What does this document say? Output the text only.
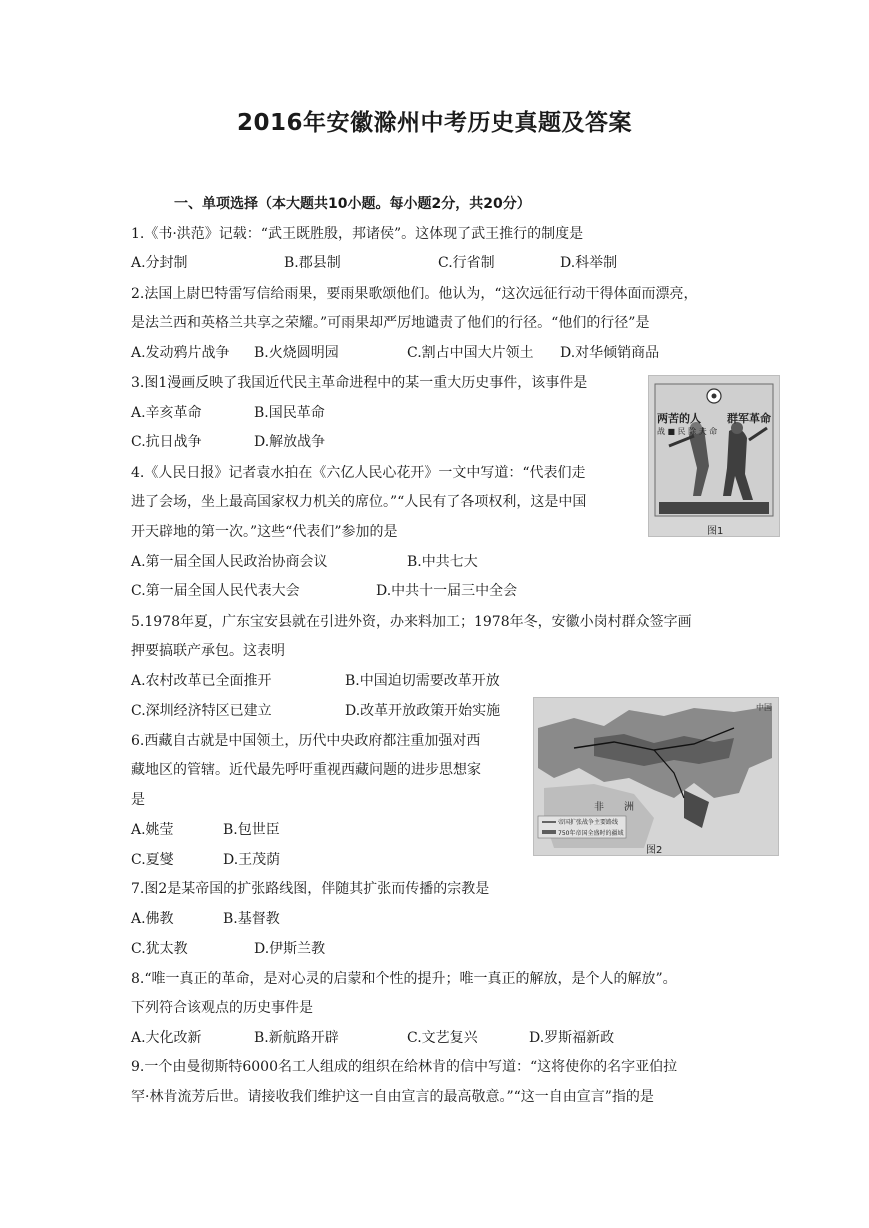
2016年安徽滁州中考历史真题及答案
一、单项选择（本大题共10小题。每小题2分，共20分）
1.《书·洪范》记载：“武王既胜殷，邦诸侯”。这体现了武王推行的制度是
A.分封制	B.郡县制	C.行省制	D.科举制
2.法国上尉巴特雷写信给雨果，要雨果歌颂他们。他认为，“这次远征行动干得体面而漂亮，
是法兰西和英格兰共享之荣耀。”可雨果却严厉地谴责了他们的行径。“他们的行径”是
A.发动鸦片战争 B.火烧圆明园	C.割占中国大片领土 D.对华倾销商品
3.图1漫画反映了我国近代民主革命进程中的某一重大历史事件，该事件是
A.辛亥革命	B.国民革命
C.抗日战争	D.解放战争
两苦的人 群军革命
战 ■ 民 除 夫 命
图1
4.《人民日报》记者袁水拍在《六亿人民心花开》一文中写道：“代表们走
进了会场，坐上最高国家权力机关的席位。”“人民有了各项权利，这是中国
开天辟地的第一次。”这些“代表们”参加的是
A.第一届全国人民政治协商会议	B.中共七大
C.第一届全国人民代表大会	D.中共十一届三中全会
5.1978年夏，广东宝安县就在引进外资，办来料加工；1978年冬，安徽小岗村群众签字画
押要搞联产承包。这表明
A.农村改革已全面推开	B.中国迫切需要改革开放
C.深圳经济特区已建立	D.改革开放政策开始实施
非　　洲
中国
帝国扩张战争主要路线
750年帝国全盛时的疆域
图2
6.西藏自古就是中国领土，历代中央政府都注重加强对西
藏地区的管辖。近代最先呼吁重视西藏问题的进步思想家
是
A.姚莹	B.包世臣
C.夏燮	D.王茂荫
7.图2是某帝国的扩张路线图，伴随其扩张而传播的宗教是
A.佛教	B.基督教
C.犹太教	D.伊斯兰教
8.“唯一真正的革命，是对心灵的启蒙和个性的提升；唯一真正的解放，是个人的解放”。
下列符合该观点的历史事件是
A.大化改新	B.新航路开辟	C.文艺复兴	D.罗斯福新政
9.一个由曼彻斯特6000名工人组成的组织在给林肯的信中写道：“这将使你的名字亚伯拉
罕·林肯流芳后世。请接收我们维护这一自由宣言的最高敬意。”“这一自由宣言”指的是
